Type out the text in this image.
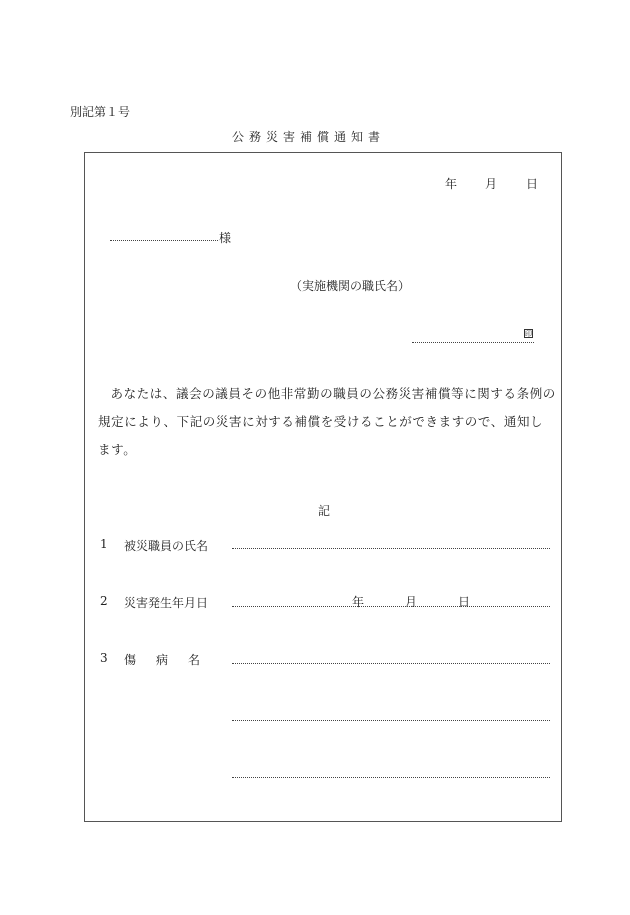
別記第１号
公務災害補償通知書
年 月 日
様
（実施機関の職氏名）
印
あなたは、議会の議員その他非常勤の職員の公務災害補償等に関する条例の規定により、下記の災害に対する補償を受けることができますので、通知します。
記
1 被災職員の氏名
2 災害発生年月日	年	月	日
3 傷病名
